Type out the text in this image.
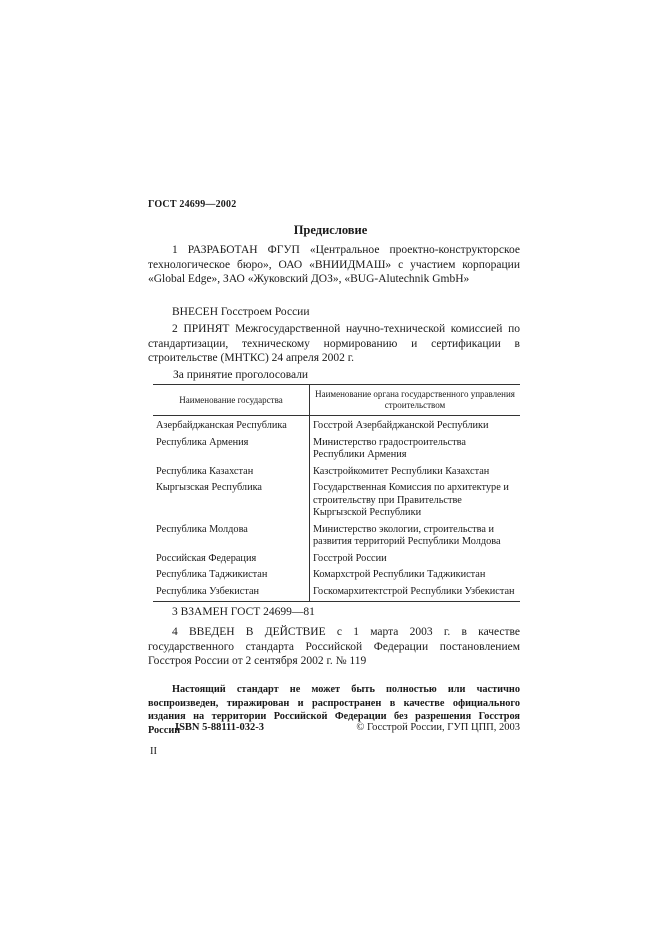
ГОСТ 24699—2002
Предисловие

1 РАЗРАБОТАН ФГУП «Центральное проектно-конструкторское технологическое бюро», ОАО «ВНИИДМАШ» с участием корпорации «Global Edge», ЗАО «Жуковский ДОЗ», «BUG-Alutechnik GmbH»

ВНЕСЕН Госстроем России

2 ПРИНЯТ Межгосударственной научно-технической комиссией по стандартизации, техническому нормированию и сертификации в строительстве (МНТКС) 24 апреля 2002 г.

За принятие проголосовали
Наименование государства	Наименование органа государственного управления строительством
Азербайджанская Республика	Госстрой Азербайджанской Республики
Республика Армения	Министерство градостроительства Республики Армения
Республика Казахстан	Казстройкомитет Республики Казахстан
Кыргызская Республика	Государственная Комиссия по архитектуре и строительству при Правительстве Кыргызской Республики
Республика Молдова	Министерство экологии, строительства и развития территорий Республики Молдова
Российская Федерация	Госстрой России
Республика Таджикистан	Комархстрой Республики Таджикистан
Республика Узбекистан	Госкомархитектстрой Республики Узбекистан

3 ВЗАМЕН ГОСТ 24699—81

4 ВВЕДЕН В ДЕЙСТВИЕ с 1 марта 2003 г. в качестве государственного стандарта Российской Федерации постановлением Госстроя России от 2 сентября 2002 г. № 119

Настоящий стандарт не может быть полностью или частично воспроизведен, тиражирован и распространен в качестве официального издания на территории Российской Федерации без разрешения Госстроя России

ISBN 5-88111-032-3	© Госстрой России, ГУП ЦПП, 2003
II
